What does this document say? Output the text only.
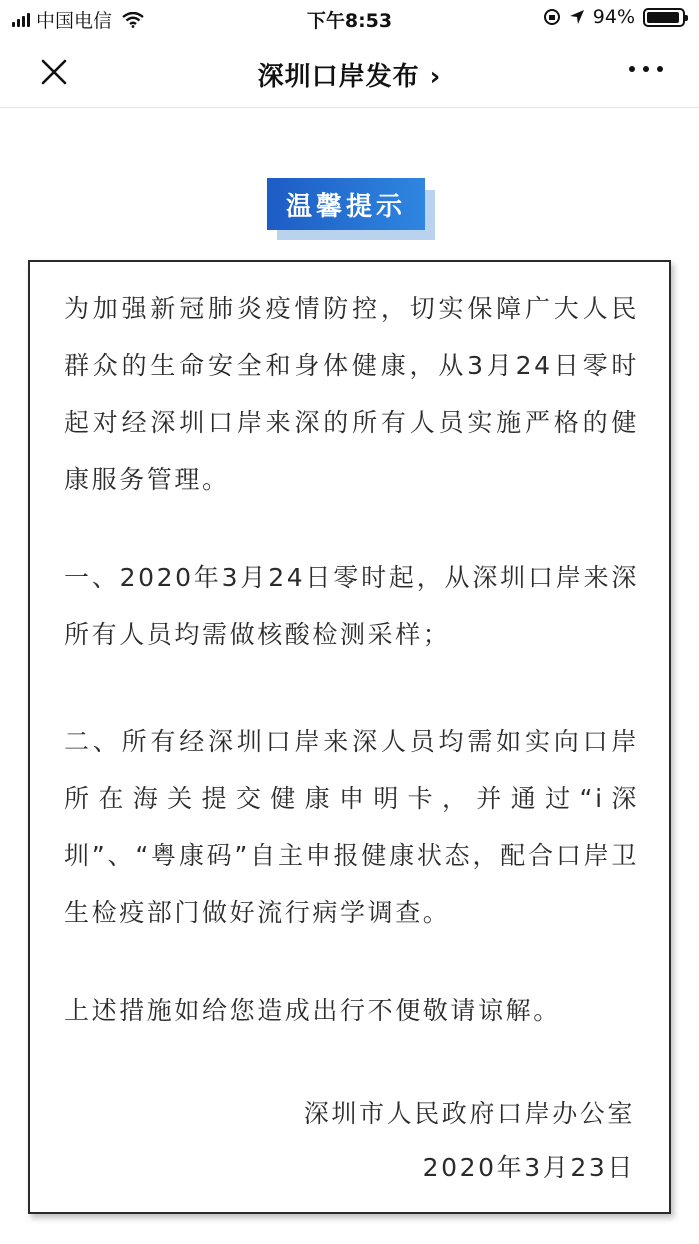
中国电信	下午8:53	94%
深圳口岸发布 ›
温馨提示

为加强新冠肺炎疫情防控，切实保障广大人民群众的生命安全和身体健康，从3月24日零时起对经深圳口岸来深的所有人员实施严格的健康服务管理。

一、2020年3月24日零时起，从深圳口岸来深所有人员均需做核酸检测采样；

二、所有经深圳口岸来深人员均需如实向口岸所在海关提交健康申明卡，并通过“i深圳”、“粤康码”自主申报健康状态，配合口岸卫生检疫部门做好流行病学调查。

上述措施如给您造成出行不便敬请谅解。

深圳市人民政府口岸办公室
2020年3月23日
